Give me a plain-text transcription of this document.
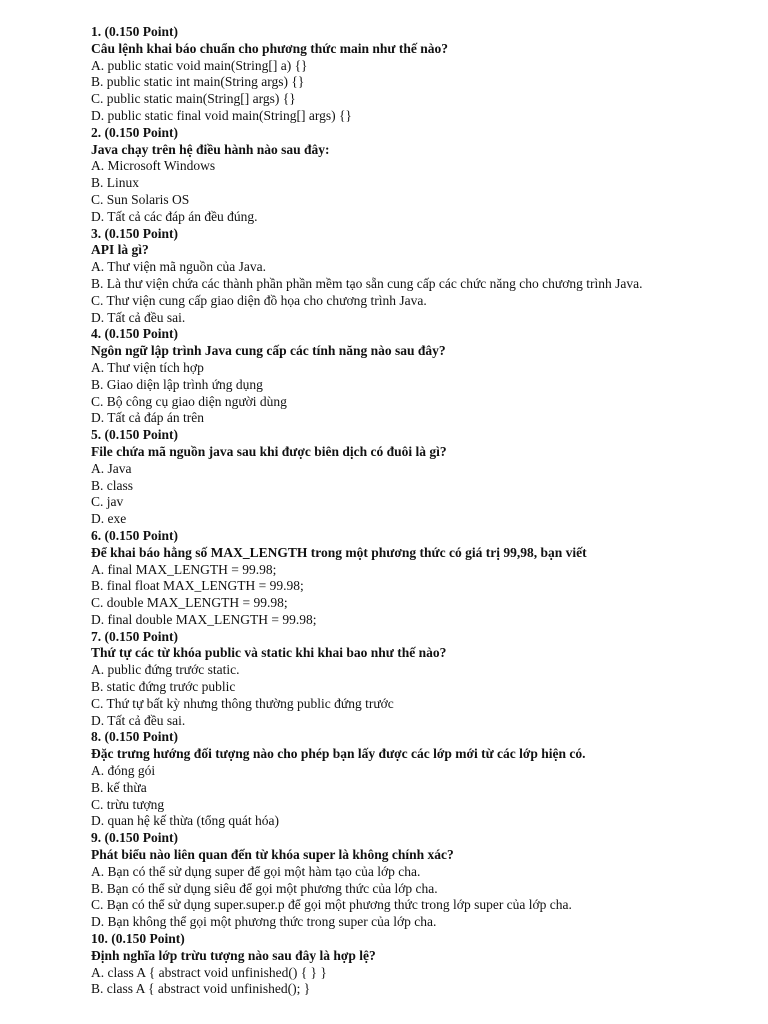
1. (0.150 Point)
Câu lệnh khai báo chuẩn cho phương thức main như thế nào?
A. public static void main(String[] a) {}
B. public static int main(String args) {}
C. public static main(String[] args) {}
D. public static final void main(String[] args) {}
2. (0.150 Point)
Java chạy trên hệ điều hành nào sau đây:
A. Microsoft Windows
B. Linux
C. Sun Solaris OS
D. Tất cả các đáp án đều đúng.
3. (0.150 Point)
API là gì?
A. Thư viện mã nguồn của Java.
B. Là thư viện chứa các thành phần phần mềm tạo sẵn cung cấp các chức năng cho chương trình Java.
C. Thư viện cung cấp giao diện đồ họa cho chương trình Java.
D. Tất cả đều sai.
4. (0.150 Point)
Ngôn ngữ lập trình Java cung cấp các tính năng nào sau đây?
A. Thư viện tích hợp
B. Giao diện lập trình ứng dụng
C. Bộ công cụ giao diện người dùng
D. Tất cả đáp án trên
5. (0.150 Point)
File chứa mã nguồn java sau khi được biên dịch có đuôi là gì?
A. Java
B. class
C. jav
D. exe
6. (0.150 Point)
Để khai báo hằng số MAX_LENGTH trong một phương thức có giá trị 99,98, bạn viết
A. final MAX_LENGTH = 99.98;
B. final float MAX_LENGTH = 99.98;
C. double MAX_LENGTH = 99.98;
D. final double MAX_LENGTH = 99.98;
7. (0.150 Point)
Thứ tự các từ khóa public và static khi khai bao như thế nào?
A. public đứng trước static.
B. static đứng trước public
C. Thứ tự bất kỳ nhưng thông thường public đứng trước
D. Tất cả đều sai.
8. (0.150 Point)
Đặc trưng hướng đối tượng nào cho phép bạn lấy được các lớp mới từ các lớp hiện có.
A. đóng gói
B. kế thừa
C. trừu tượng
D. quan hệ kế thừa (tổng quát hóa)
9. (0.150 Point)
Phát biểu nào liên quan đến từ khóa super là không chính xác?
A. Bạn có thể sử dụng super để gọi một hàm tạo của lớp cha.
B. Bạn có thể sử dụng siêu để gọi một phương thức của lớp cha.
C. Bạn có thể sử dụng super.super.p để gọi một phương thức trong lớp super của lớp cha.
D. Bạn không thể gọi một phương thức trong super của lớp cha.
10. (0.150 Point)
Định nghĩa lớp trừu tượng nào sau đây là hợp lệ?
A. class A { abstract void unfinished() { } }
B. class A { abstract void unfinished(); }
